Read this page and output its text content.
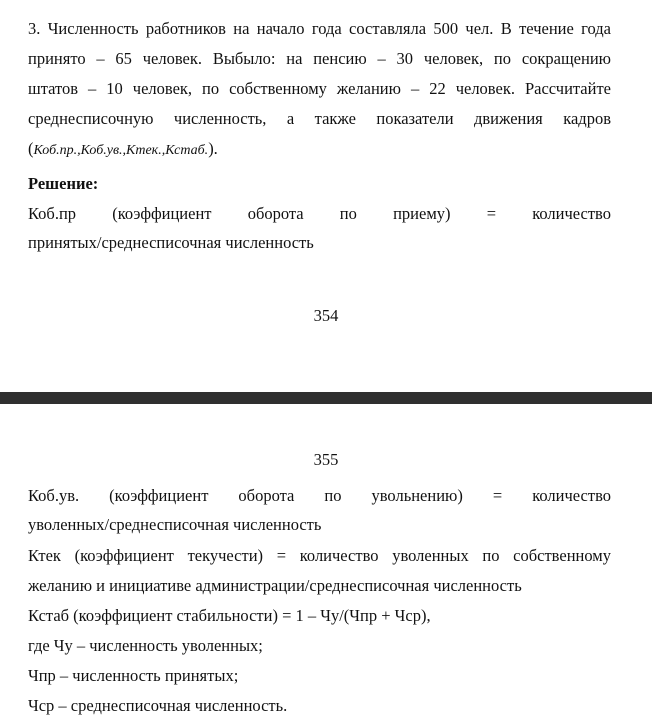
3. Численность работников на начало года составляла 500 чел. В течение года
принято – 65 человек. Выбыло: на пенсию – 30 человек, по сокращению
штатов – 10 человек, по собственному желанию – 22 человек. Рассчитайте
среднесписочную численность, а также показатели движения кадров
(Коб.пр.,Коб.ув.,Ктек.,Кстаб.).
Решение:
Коб.пр (коэффициент оборота по приему) = количество
принятых/среднесписочная численность
354
355
Коб.ув. (коэффициент оборота по увольнению) = количество
уволенных/среднесписочная численность
Ктек (коэффициент текучести) = количество уволенных по собственному
желанию и инициативе администрации/среднесписочная численность
Кстаб (коэффициент стабильности) = 1 – Чу/(Чпр + Чср),
где Чу – численность уволенных;
Чпр – численность принятых;
Чср – среднесписочная численность.
